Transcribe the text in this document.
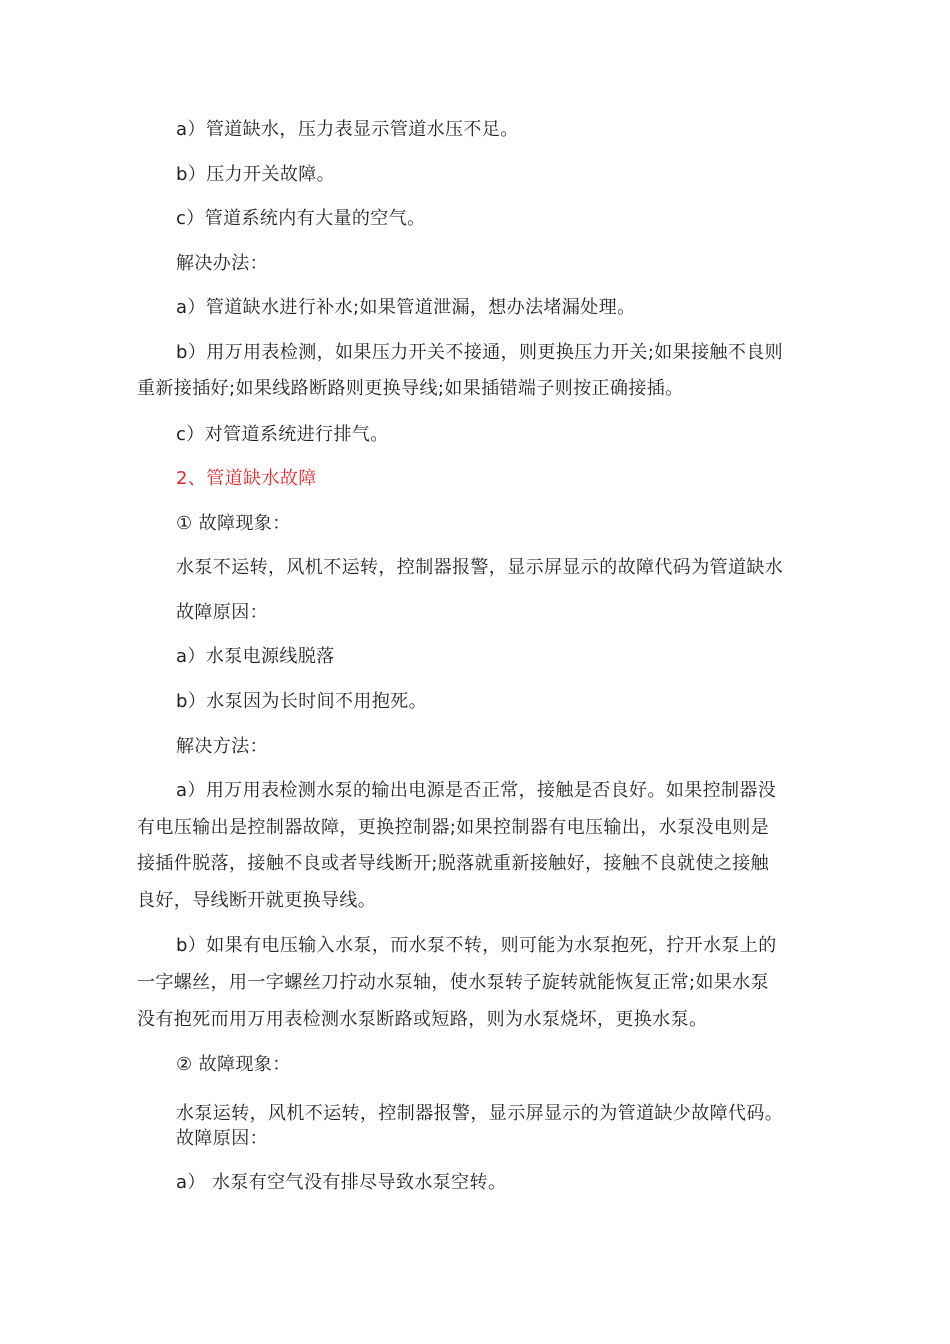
a）管道缺水，压力表显示管道水压不足。
b）压力开关故障。
c）管道系统内有大量的空气。
解决办法：
a）管道缺水进行补水;如果管道泄漏，想办法堵漏处理。
b）用万用表检测，如果压力开关不接通，则更换压力开关;如果接触不良则
重新接插好;如果线路断路则更换导线;如果插错端子则按正确接插。
c）对管道系统进行排气。
2、管道缺水故障
① 故障现象：
水泵不运转，风机不运转，控制器报警，显示屏显示的故障代码为管道缺水
故障原因：
a）水泵电源线脱落
b）水泵因为长时间不用抱死。
解决方法：
a）用万用表检测水泵的输出电源是否正常，接触是否良好。如果控制器没
有电压输出是控制器故障，更换控制器;如果控制器有电压输出，水泵没电则是
接插件脱落，接触不良或者导线断开;脱落就重新接触好，接触不良就使之接触
良好，导线断开就更换导线。
b）如果有电压输入水泵，而水泵不转，则可能为水泵抱死，拧开水泵上的
一字螺丝，用一字螺丝刀拧动水泵轴，使水泵转子旋转就能恢复正常;如果水泵
没有抱死而用万用表检测水泵断路或短路，则为水泵烧坏，更换水泵。
② 故障现象：
水泵运转，风机不运转，控制器报警，显示屏显示的为管道缺少故障代码。
故障原因：
a） 水泵有空气没有排尽导致水泵空转。
